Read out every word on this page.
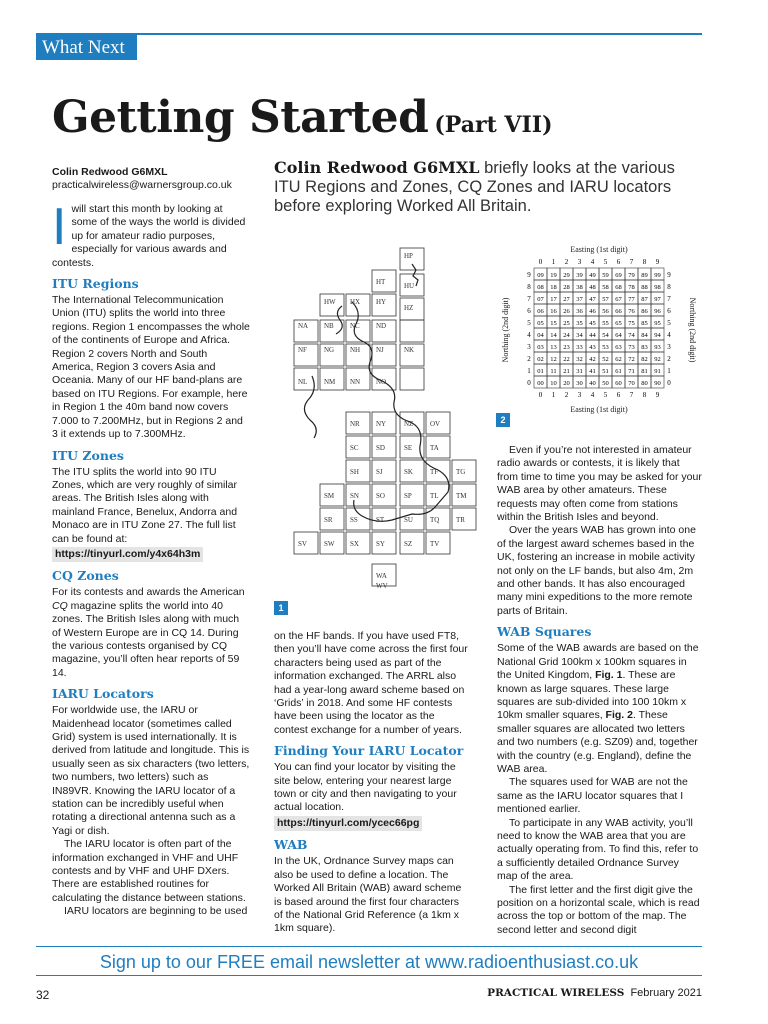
What Next
Getting Started (Part VII)
Colin Redwood G6MXL
practicalwireless@warnersgroup.co.uk
Colin Redwood G6MXL briefly looks at the various ITU Regions and Zones, CQ Zones and IARU locators before exploring Worked All Britain.

Iwill start this month by looking at some of the ways the world is divided up for amateur radio purposes, especially for various awards and contests.

ITU Regions

The International Telecommunication Union (ITU) splits the world into three regions. Region 1 encompasses the whole of the continents of Europe and Africa. Region 2 covers North and South America, Region 3 covers Asia and Oceania. Many of our HF band-plans are based on ITU Regions. For example, here in Region 1 the 40m band now covers 7.000 to 7.200MHz, but in Regions 2 and 3 it extends up to 7.300MHz.

ITU Zones

The ITU splits the world into 90 ITU Zones, which are very roughly of similar areas. The British Isles along with mainland France, Benelux, Andorra and Monaco are in ITU Zone 27. The full list can be found at:

https://tinyurl.com/y4x64h3m
CQ Zones

For its contests and awards the American CQ magazine splits the world into 40 zones. The British Isles along with much of Western Europe are in CQ 14. During the various contests organised by CQ magazine, you’ll often hear reports of 59 14.

IARU Locators

For worldwide use, the IARU or Maidenhead locator (sometimes called Grid) system is used internationally. It is derived from latitude and longitude. This is usually seen as six characters (two letters, two numbers, two letters) such as IN89VR. Knowing the IARU locator of a station can be incredibly useful when rotating a directional antenna such as a Yagi or dish.

The IARU locator is often part of the information exchanged in VHF and UHF contests and by VHF and UHF DXers. There are established routines for calculating the distance between stations.

IARU locators are beginning to be used

HP
HU
HT
HW HX HY
HZ
NA NB NC ND
NF NG NH NJ	NK
NL NM NN NO
NR NY	NZ OV
SC SD	SE	TA
SH SJ	SK TF	TG
SM SN SO	SP	TL TM
SR SS	ST	SU TQ TR
SV SW SX SY	SZ	TV
WA
WV
1

on the HF bands. If you have used FT8, then you’ll have come across the first four characters being used as part of the information exchanged. The ARRL also had a year-long award scheme based on ‘Grids’ in 2018. And some HF contests have been using the locator as the contest exchange for a number of years.

Finding Your IARU Locator

You can find your locator by visiting the site below, entering your nearest large town or city and then navigating to your actual location.

https://tinyurl.com/ycec66pg
WAB

In the UK, Ordnance Survey maps can also be used to define a location. The Worked All Britain (WAB) award scheme is based around the first four characters of the National Grid Reference (a 1km x 1km square).

Easting (1st digit)
Easting (1st digit)
Northing (2nd digit)	Northing (2nd digit)
0
0
1
1
2
2
3
3
4
4
5
5
6
6
7
7
8
8
9
9
9	9
09 19 29 39 49 59 69 79 89 99
8	8
08 18 28 38 48 58 68 78 88 98
7	7
07 17 27 37 47 57 67 77 87 97
6	6
06 16 26 36 46 56 66 76 86 96
5	5
05 15 25 35 45 55 65 75 85 95
4	4
04 14 24 34 44 54 64 74 84 94
3	3
03 13 23 33 43 53 63 73 83 93
2	2
02 12 22 32 42 52 62 72 82 92
1	1
01 11 21 31 41 51 61 71 81 91
0	0
00 10 20 30 40 50 60 70 80 90
2

Even if you’re not interested in amateur radio awards or contests, it is likely that from time to time you may be asked for your WAB area by other amateurs. These requests may often come from stations within the British Isles and beyond.

Over the years WAB has grown into one of the largest award schemes based in the UK, fostering an increase in mobile activity not only on the LF bands, but also 4m, 2m and other bands. It has also encouraged many mini expeditions to the more remote parts of Britain.

WAB Squares

Some of the WAB awards are based on the National Grid 100km x 100km squares in the United Kingdom, Fig. 1. These are known as large squares. These large squares are sub-divided into 100 10km x 10km smaller squares, Fig. 2. These smaller squares are allocated two letters and two numbers (e.g. SZ09) and, together with the country (e.g. England), define the WAB area.

The squares used for WAB are not the same as the IARU locator squares that I mentioned earlier.

To participate in any WAB activity, you’ll need to know the WAB area that you are actually operating from. To find this, refer to a sufficiently detailed Ordnance Survey map of the area.

The first letter and the first digit give the position on a horizontal scale, which is read across the top or bottom of the map. The second letter and second digit

Sign up to our FREE email newsletter at www.radioenthusiast.co.uk
32	PRACTICAL WIRELESS February 2021
